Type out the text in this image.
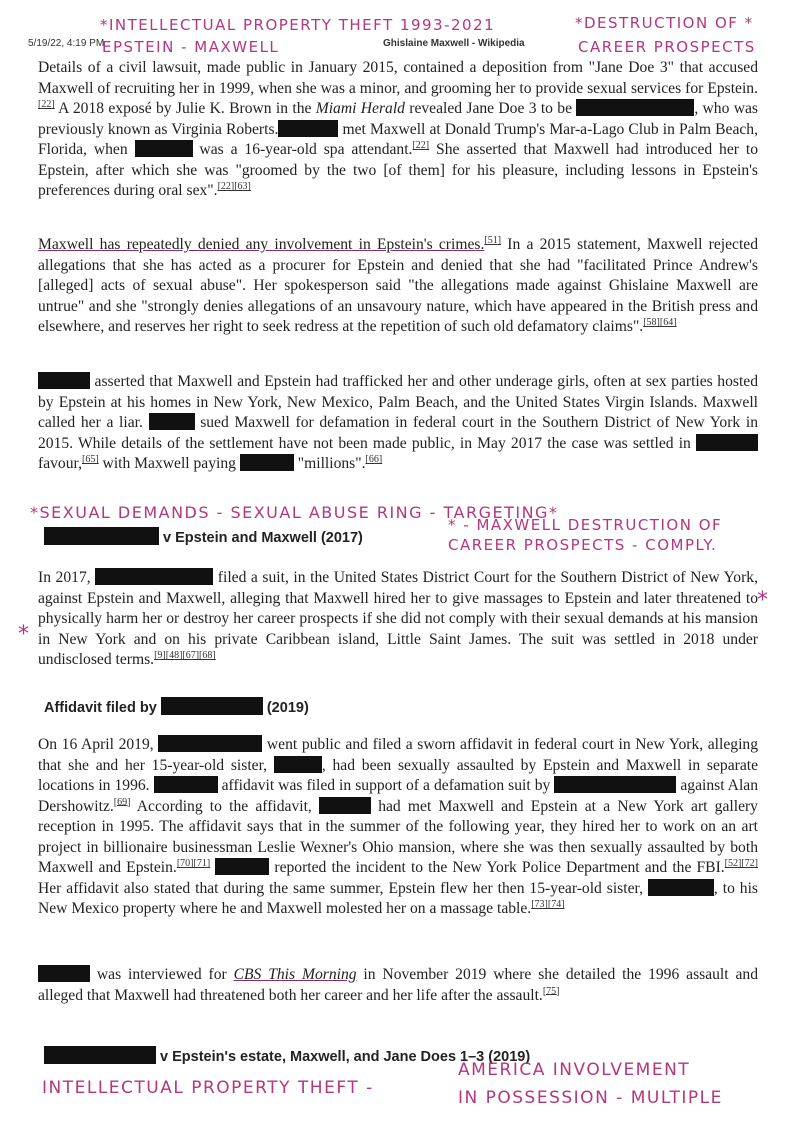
5/19/22, 4:19 PM	Ghislaine Maxwell - Wikipedia
*INTELLECTUAL PROPERTY THEFT 1993-2021
EPSTEIN - MAXWELL
*DESTRUCTION OF *
CAREER PROSPECTS
Details of a civil lawsuit, made public in January 2015, contained a deposition from "Jane Doe 3" that accused Maxwell of recruiting her in 1999, when she was a minor, and grooming her to provide sexual services for Epstein.[22] A 2018 exposé by Julie K. Brown in the Miami Herald revealed Jane Doe 3 to be	, who was previously known as Virginia Roberts.	met Maxwell at Donald Trump's Mar-a-Lago Club in Palm Beach, Florida, when	was a 16-year-old spa attendant.[22] She asserted that Maxwell had introduced her to Epstein, after which she was "groomed by the two [of them] for his pleasure, including lessons in Epstein's preferences during oral sex".[22][63]
Maxwell has repeatedly denied any involvement in Epstein's crimes.[51] In a 2015 statement, Maxwell rejected allegations that she has acted as a procurer for Epstein and denied that she had "facilitated Prince Andrew's [alleged] acts of sexual abuse". Her spokesperson said "the allegations made against Ghislaine Maxwell are untrue" and she "strongly denies allegations of an unsavoury nature, which have appeared in the British press and elsewhere, and reserves her right to seek redress at the repetition of such old defamatory claims".[58][64]
asserted that Maxwell and Epstein had trafficked her and other underage girls, often at sex parties hosted by Epstein at his homes in New York, New Mexico, Palm Beach, and the United States Virgin Islands. Maxwell called her a liar.	sued Maxwell for defamation in federal court in the Southern District of New York in 2015. While details of the settlement have not been made public, in May 2017 the case was settled in  favour,[65] with Maxwell paying	"millions".[66]
*SEXUAL DEMANDS - SEXUAL ABUSE RING - TARGETING*
v Epstein and Maxwell (2017)
* - MAXWELL DESTRUCTION OF
CAREER PROSPECTS - COMPLY.
In 2017,	filed a suit, in the United States District Court for the Southern District of New York, against Epstein and Maxwell, alleging that Maxwell hired her to give massages to Epstein and later threatened to physically harm her or destroy her career prospects if she did not comply with their sexual demands at his mansion in New York and on his private Caribbean island, Little Saint James. The suit was settled in 2018 under undisclosed terms.[9][48][67][68]
*
*
Affidavit filed by	(2019)
On 16 April 2019,	went public and filed a sworn affidavit in federal court in New York, alleging that she and her 15-year-old sister,	, had been sexually assaulted by Epstein and Maxwell in separate locations in 1996.	affidavit was filed in support of a defamation suit by	against Alan Dershowitz.[69] According to the affidavit,	had met Maxwell and Epstein at a New York art gallery reception in 1995. The affidavit says that in the summer of the following year, they hired her to work on an art project in billionaire businessman Leslie Wexner's Ohio mansion, where she was then sexually assaulted by both Maxwell and Epstein.[70][71]	reported the incident to the New York Police Department and the FBI.[52][72] Her affidavit also stated that during the same summer, Epstein flew her then 15-year-old sister,	, to his New Mexico property where he and Maxwell molested her on a massage table.[73][74]
was interviewed for CBS This Morning in November 2019 where she detailed the 1996 assault and alleged that Maxwell had threatened both her career and her life after the assault.[75]
v Epstein's estate, Maxwell, and Jane Does 1–3 (2019)
INTELLECTUAL PROPERTY THEFT -
AMERICA INVOLVEMENT
IN POSSESSION - MULTIPLE
